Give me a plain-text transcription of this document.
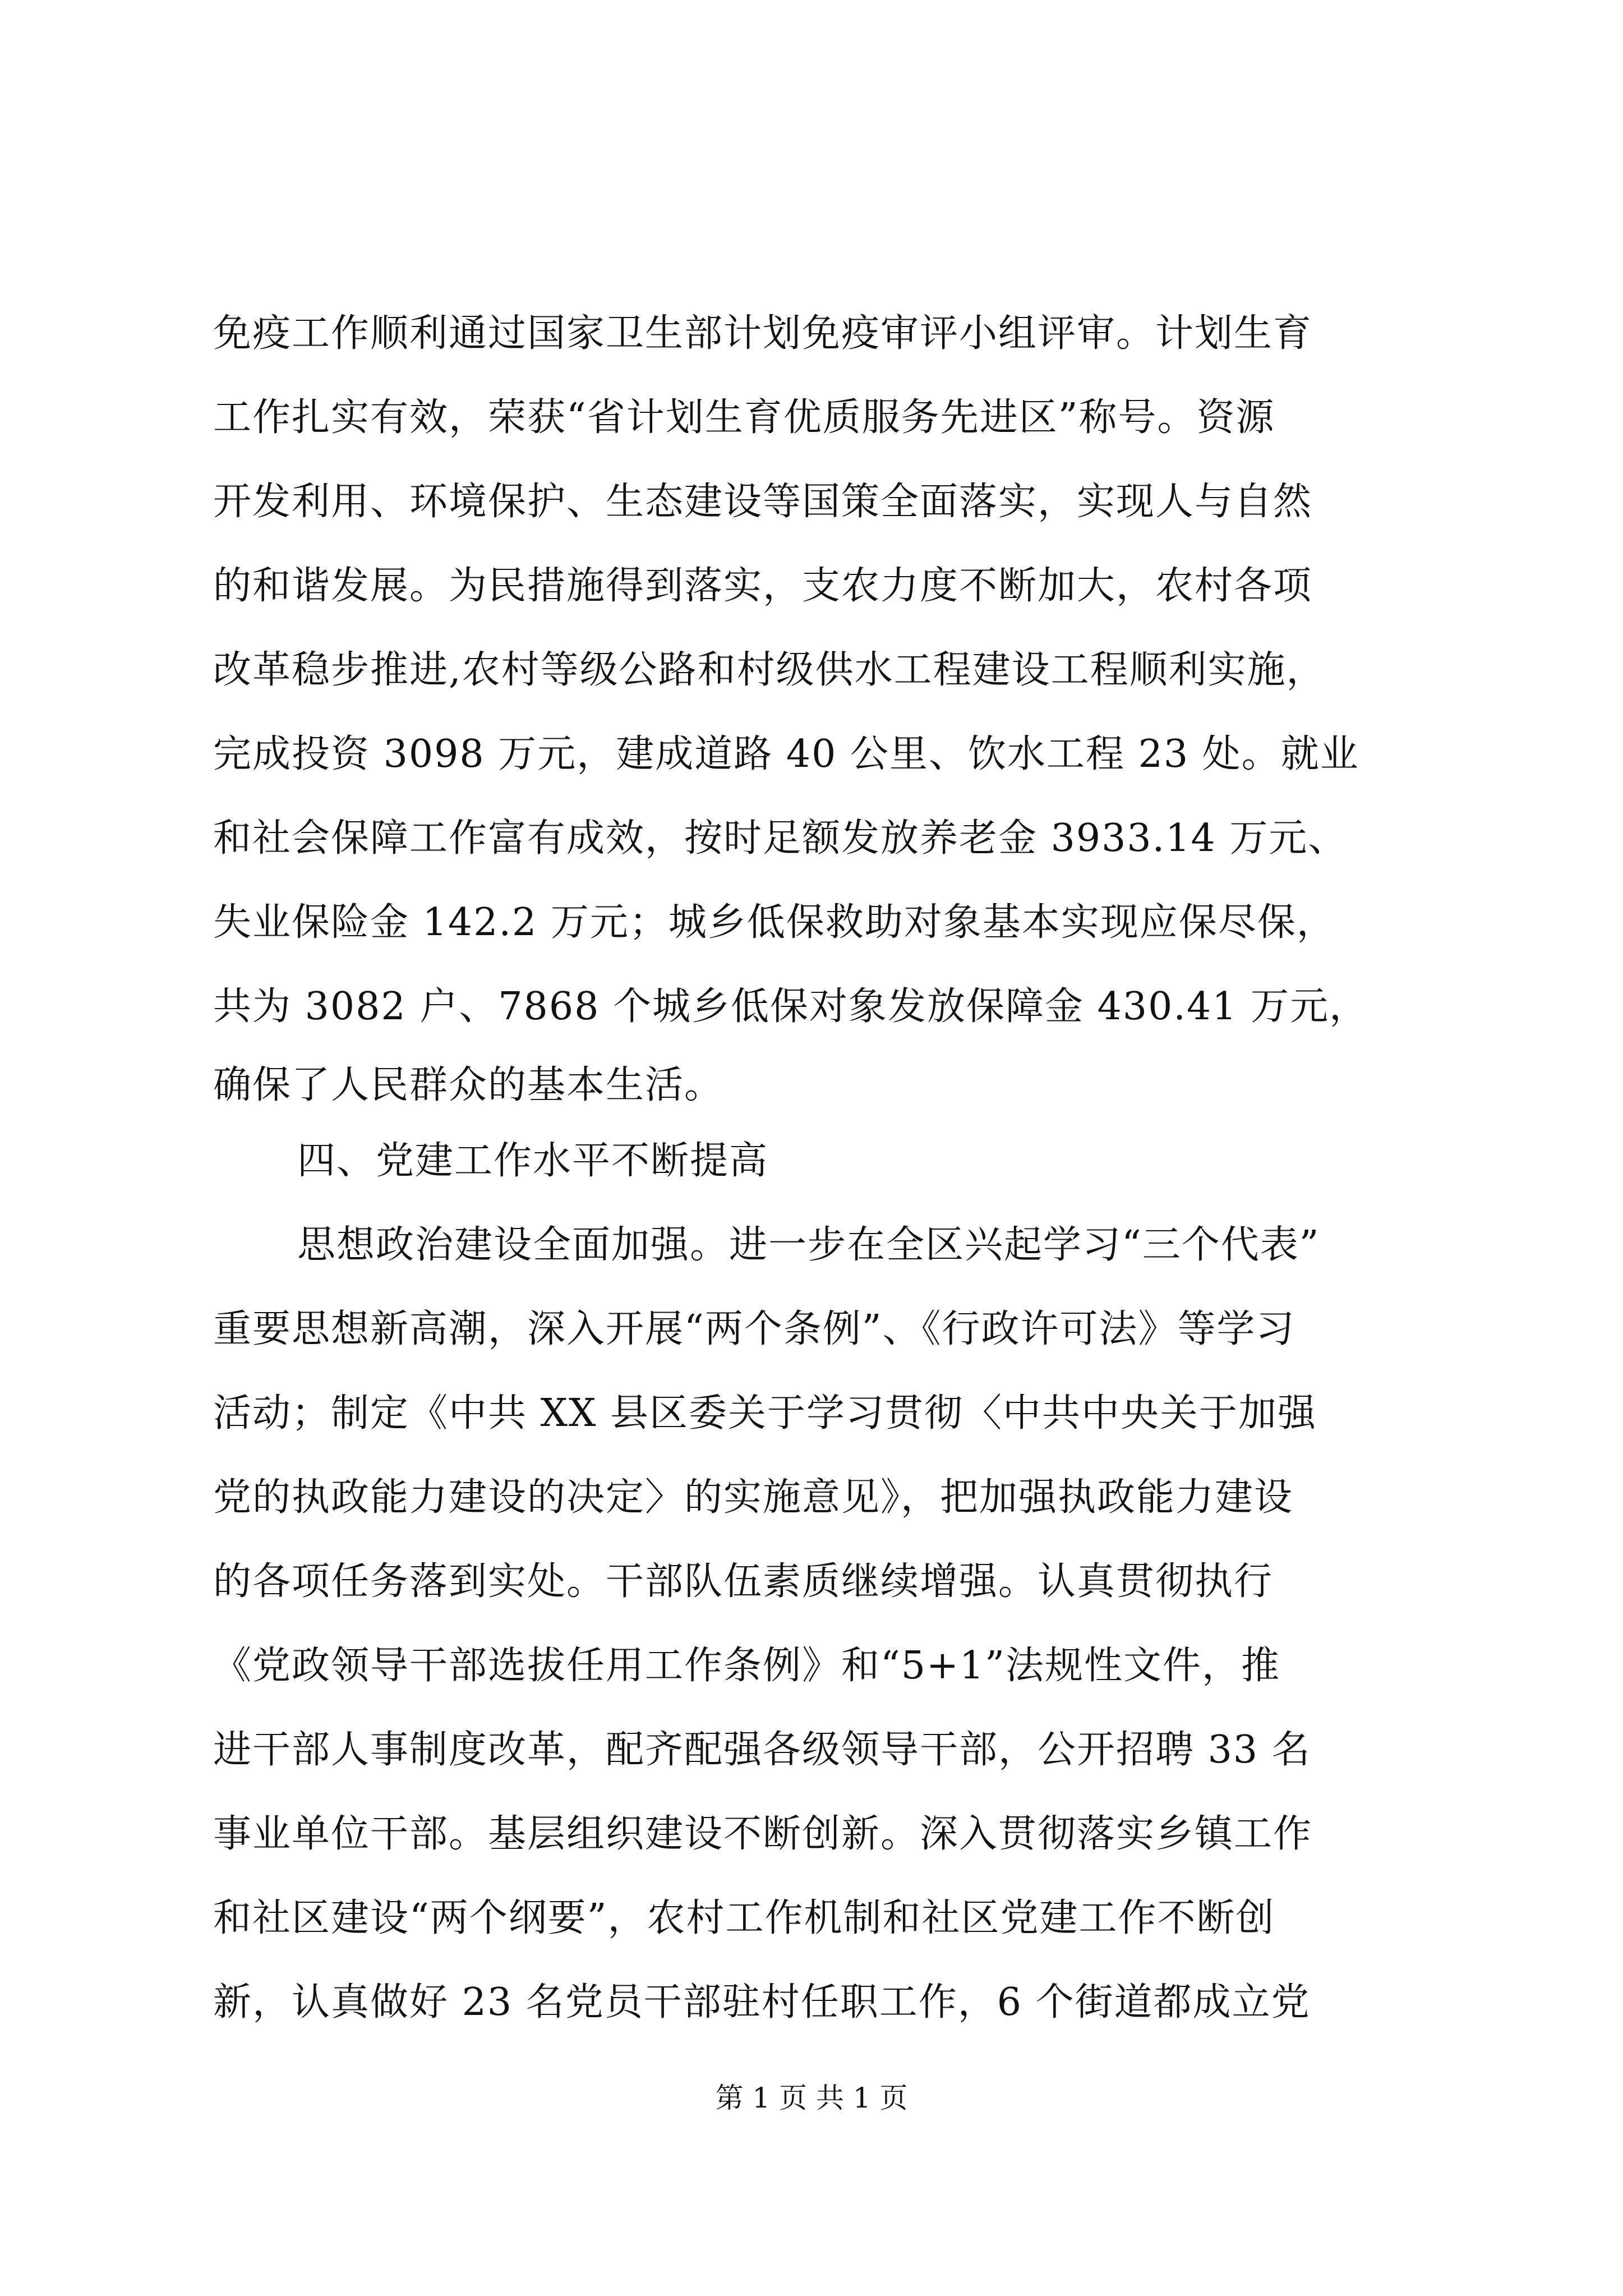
免疫工作顺利通过国家卫生部计划免疫审评小组评审。计划生育
工作扎实有效，荣获“省计划生育优质服务先进区”称号。资源
开发利用、环境保护、生态建设等国策全面落实，实现人与自然
的和谐发展。为民措施得到落实，支农力度不断加大，农村各项
改革稳步推进,农村等级公路和村级供水工程建设工程顺利实施，
完成投资 3098 万元，建成道路 40 公里、饮水工程 23 处。就业
和社会保障工作富有成效，按时足额发放养老金 3933.14 万元、
失业保险金 142.2 万元；城乡低保救助对象基本实现应保尽保，
共为 3082 户、7868 个城乡低保对象发放保障金 430.41 万元，
确保了人民群众的基本生活。
四、党建工作水平不断提高
思想政治建设全面加强。进一步在全区兴起学习“三个代表”
重要思想新高潮，深入开展“两个条例”、《行政许可法》等学习
活动；制定《中共 XX 县区委关于学习贯彻〈中共中央关于加强
党的执政能力建设的决定〉的实施意见》，把加强执政能力建设
的各项任务落到实处。干部队伍素质继续增强。认真贯彻执行
《党政领导干部选拔任用工作条例》和“5+1”法规性文件，推
进干部人事制度改革，配齐配强各级领导干部，公开招聘 33 名
事业单位干部。基层组织建设不断创新。深入贯彻落实乡镇工作
和社区建设“两个纲要”，农村工作机制和社区党建工作不断创
新，认真做好 23 名党员干部驻村任职工作，6 个街道都成立党
第 1 页 共 1 页
